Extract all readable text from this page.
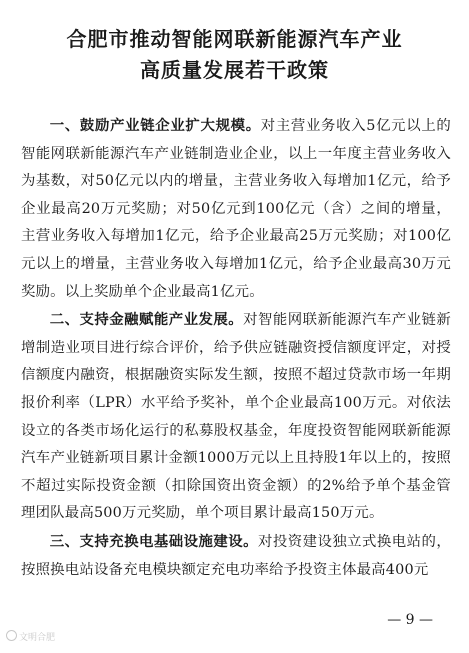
合肥市推动智能网联新能源汽车产业
高质量发展若干政策

一、鼓励产业链企业扩大规模。对主营业务收入5亿元以上的智能网联新能源汽车产业链制造业企业，以上一年度主营业务收入为基数，对50亿元以内的增量，主营业务收入每增加1亿元，给予企业最高20万元奖励；对50亿元到100亿元（含）之间的增量，主营业务收入每增加1亿元，给予企业最高25万元奖励；对100亿元以上的增量，主营业务收入每增加1亿元，给予企业最高30万元奖励。以上奖励单个企业最高1亿元。

二、支持金融赋能产业发展。对智能网联新能源汽车产业链新增制造业项目进行综合评价，给予供应链融资授信额度评定，对授信额度内融资，根据融资实际发生额，按照不超过贷款市场一年期报价利率（LPR）水平给予奖补，单个企业最高100万元。对依法设立的各类市场化运行的私募股权基金，年度投资智能网联新能源汽车产业链新项目累计金额1000万元以上且持股1年以上的，按照不超过实际投资金额（扣除国资出资金额）的2%给予单个基金管理团队最高500万元奖励，单个项目累计最高150万元。

三、支持充换电基础设施建设。对投资建设独立式换电站的，按照换电站设备充电模块额定充电功率给予投资主体最高400元

— 9 —
文明合肥
